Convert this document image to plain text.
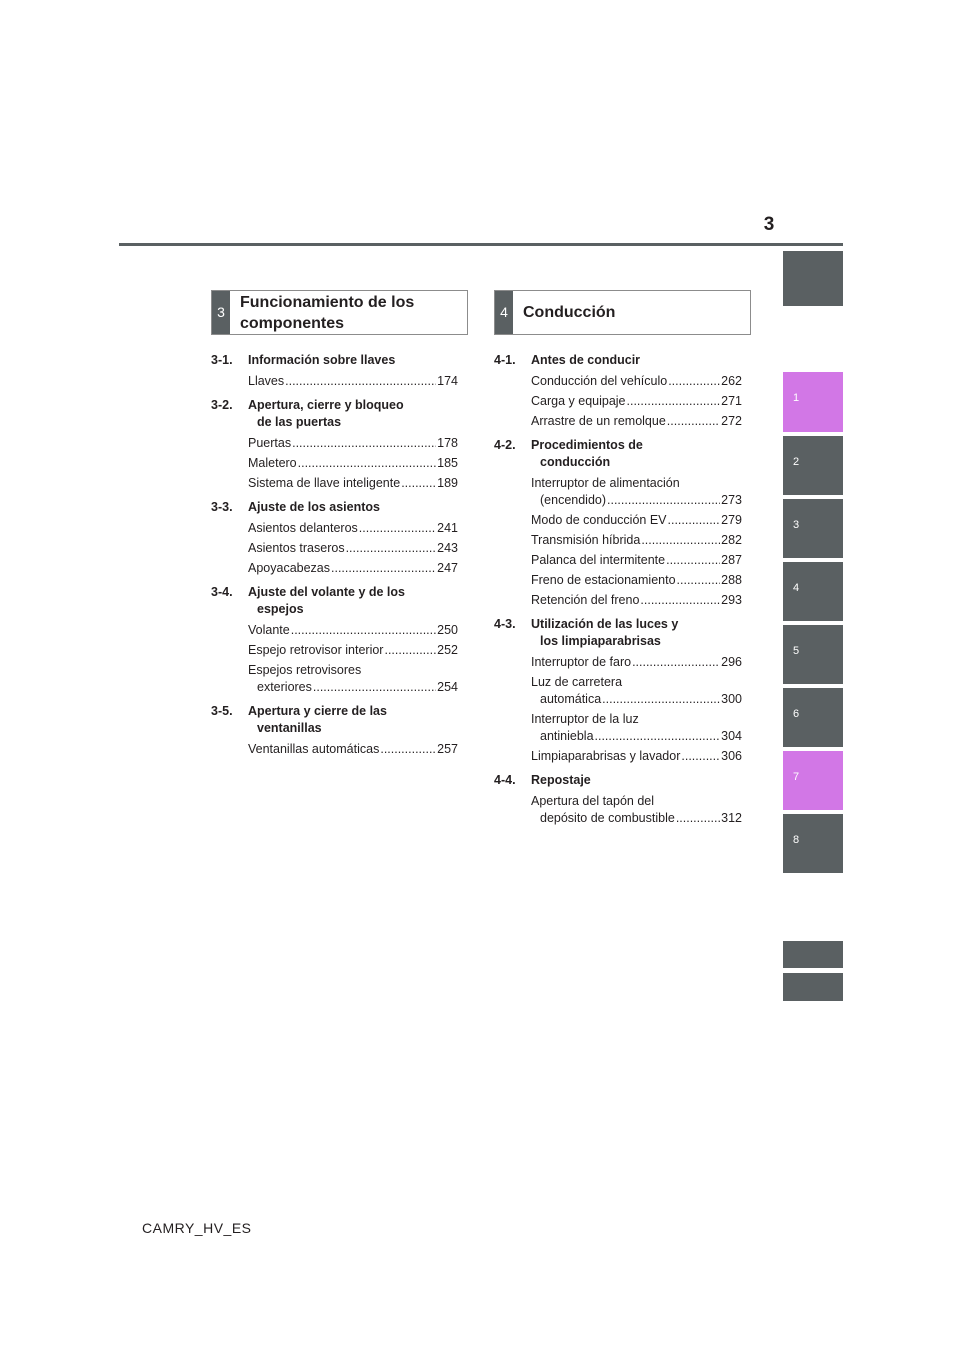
3
1
2
3
4
5
6
7
8
3
Funcionamiento de los
componentes
4 Conducción
3-1. Información sobre llaves
Llaves .....	174
3-2. Apertura, cierre y bloqueo
de las puertas
Puertas .....	178
Maletero .....	185
Sistema de llave inteligente .....	189
3-3. Ajuste de los asientos
Asientos delanteros .....	241
Asientos traseros .....	243
Apoyacabezas .....	247
3-4. Ajuste del volante y de los
espejos
Volante .....	250
Espejo retrovisor interior .....	252
Espejos retrovisores
exteriores .....	254
3-5. Apertura y cierre de las
ventanillas
Ventanillas automáticas .....	257
4-1. Antes de conducir
Conducción del vehículo .....	262
Carga y equipaje .....	271
Arrastre de un remolque .....	272
4-2. Procedimientos de
conducción
Interruptor de alimentación
(encendido) .....	273
Modo de conducción EV .....	279
Transmisión híbrida .....	282
Palanca del intermitente .....	287
Freno de estacionamiento .....	288
Retención del freno .....	293
4-3. Utilización de las luces y
los limpiaparabrisas
Interruptor de faro .....	296
Luz de carretera
automática .....	300
Interruptor de la luz
antiniebla .....	304
Limpiaparabrisas y lavador .....	306
4-4. Repostaje
Apertura del tapón del
depósito de combustible .....	312
CAMRY_HV_ES
